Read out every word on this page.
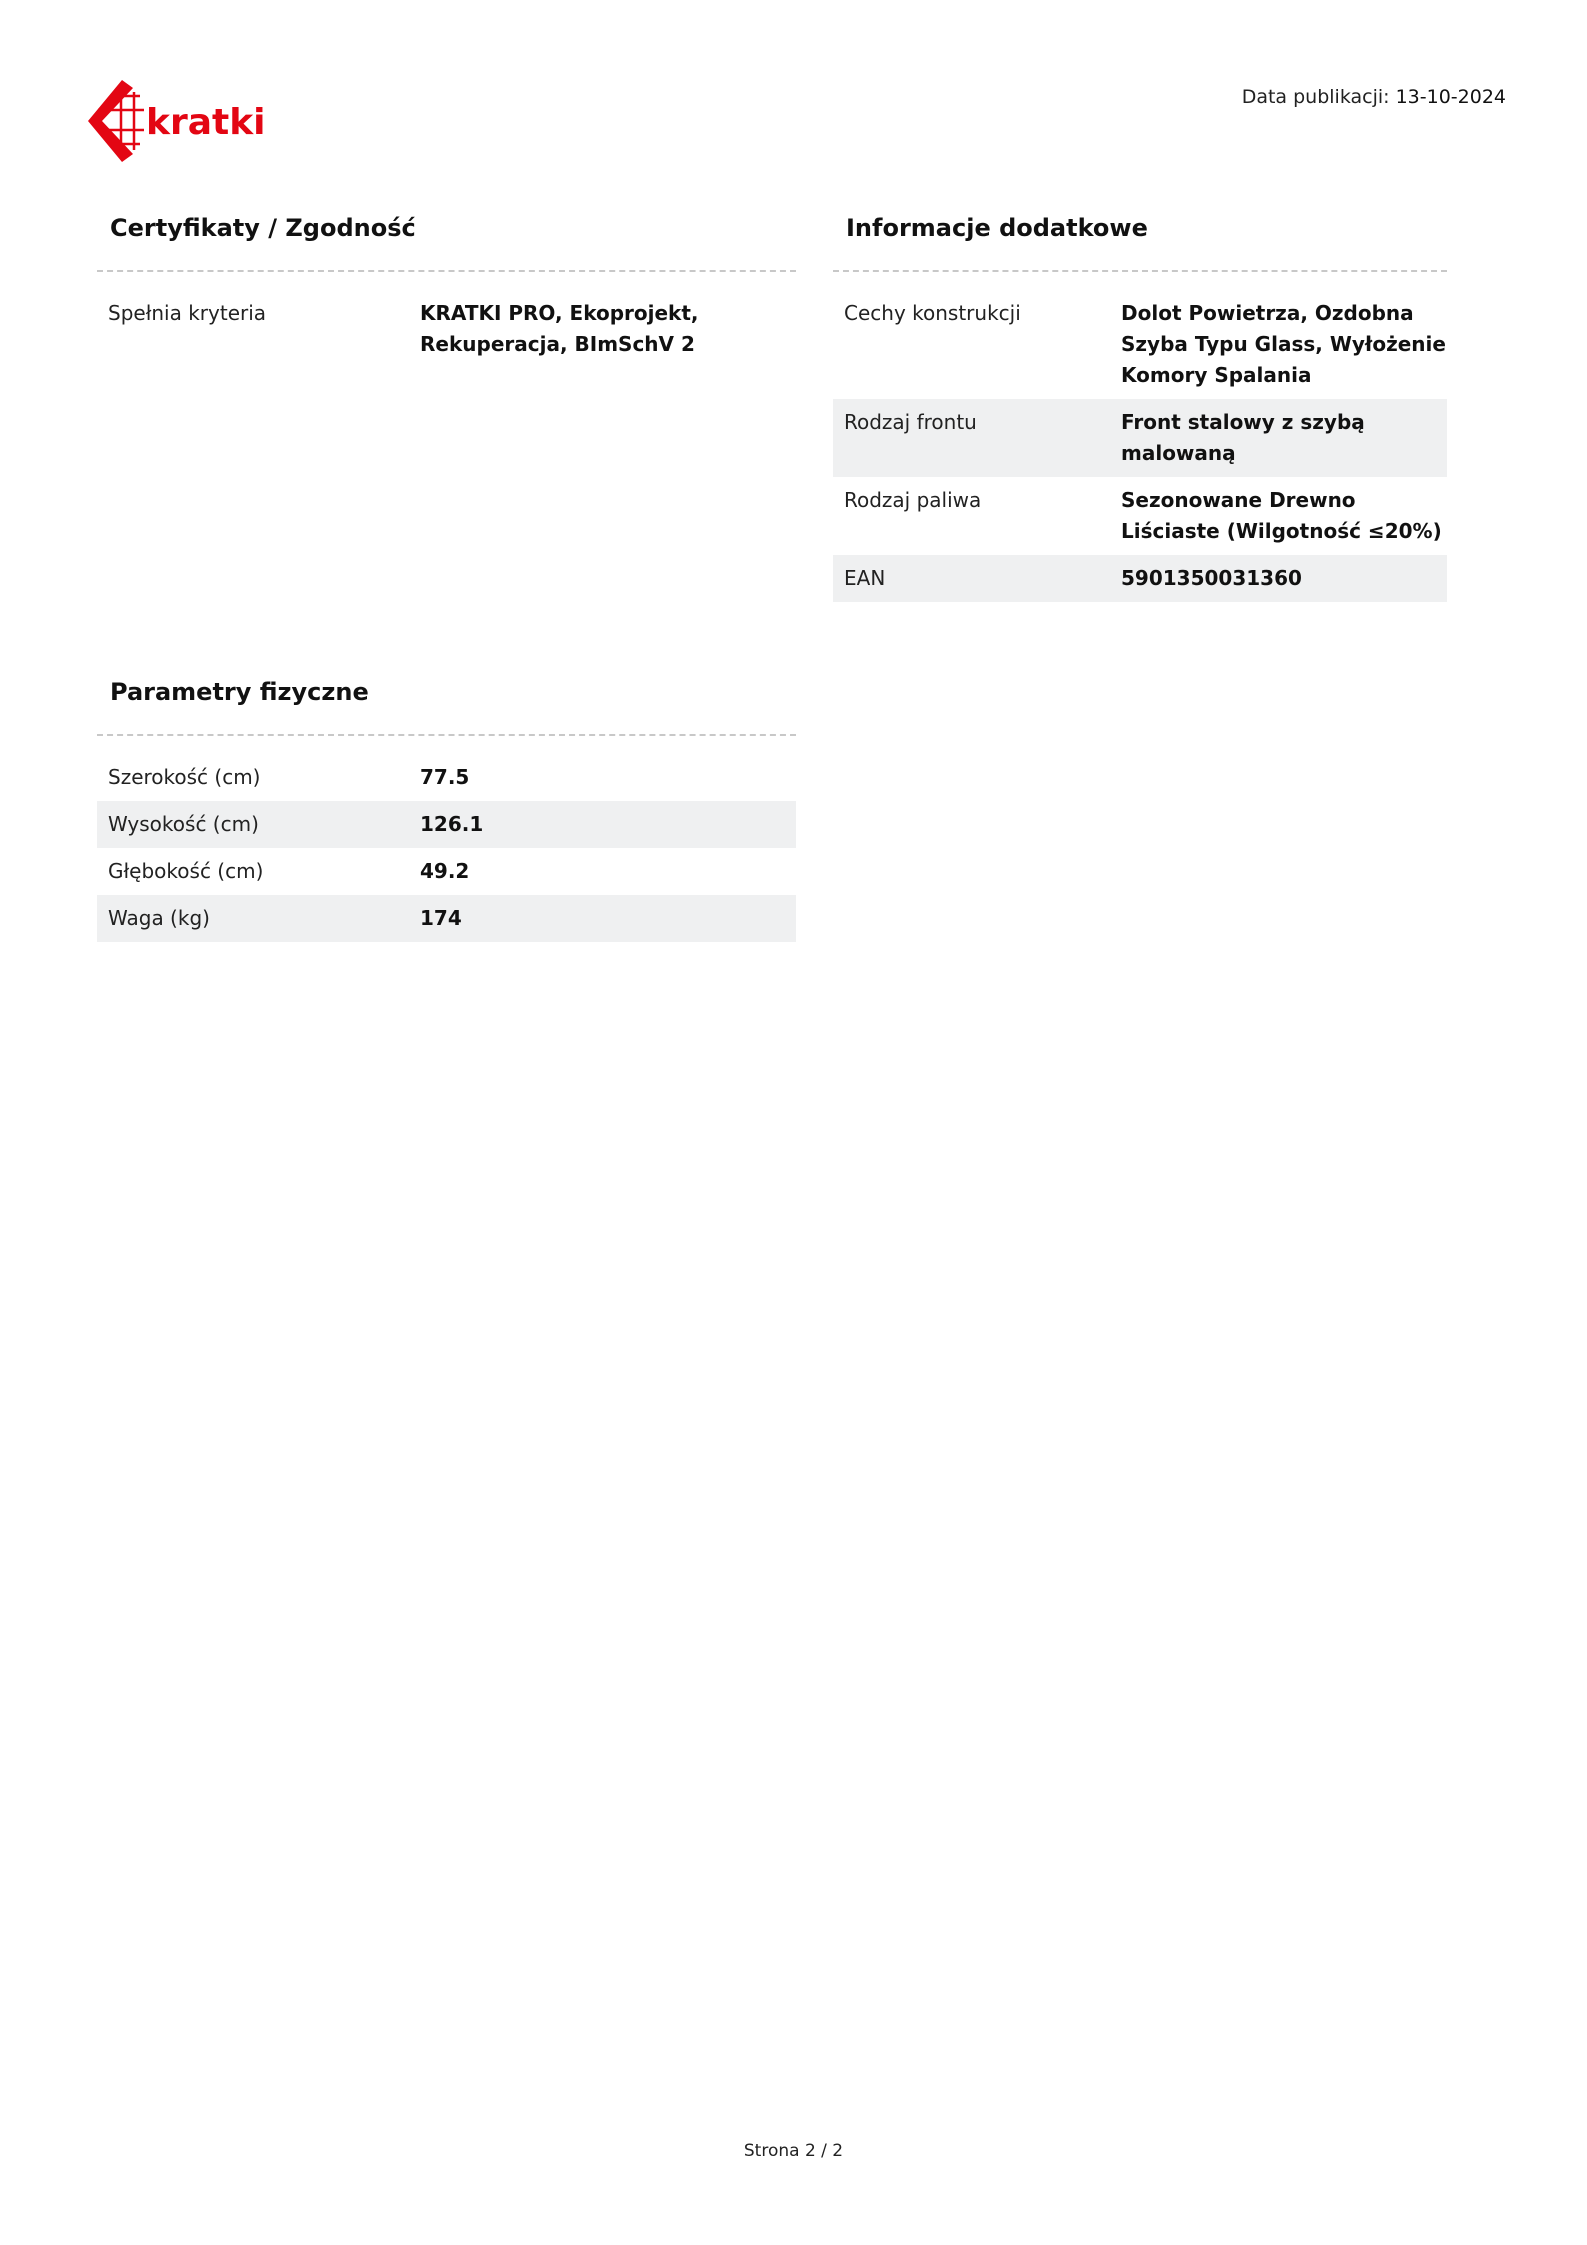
kratki
Data publikacji: 13-10-2024
Certyfikaty / Zgodność
Spełnia kryteria	KRATKI PRO, Ekoprojekt, Rekuperacja, BImSchV 2
Informacje dodatkowe
Cechy konstrukcji	Dolot Powietrza, Ozdobna Szyba Typu Glass, Wyłożenie Komory Spalania
Rodzaj frontu	Front stalowy z szybą malowaną
Rodzaj paliwa	Sezonowane Drewno Liściaste (Wilgotność ≤20%)
EAN	5901350031360
Parametry fizyczne
Szerokość (cm)	77.5
Wysokość (cm)	126.1
Głębokość (cm)	49.2
Waga (kg)	174
Strona 2 / 2
